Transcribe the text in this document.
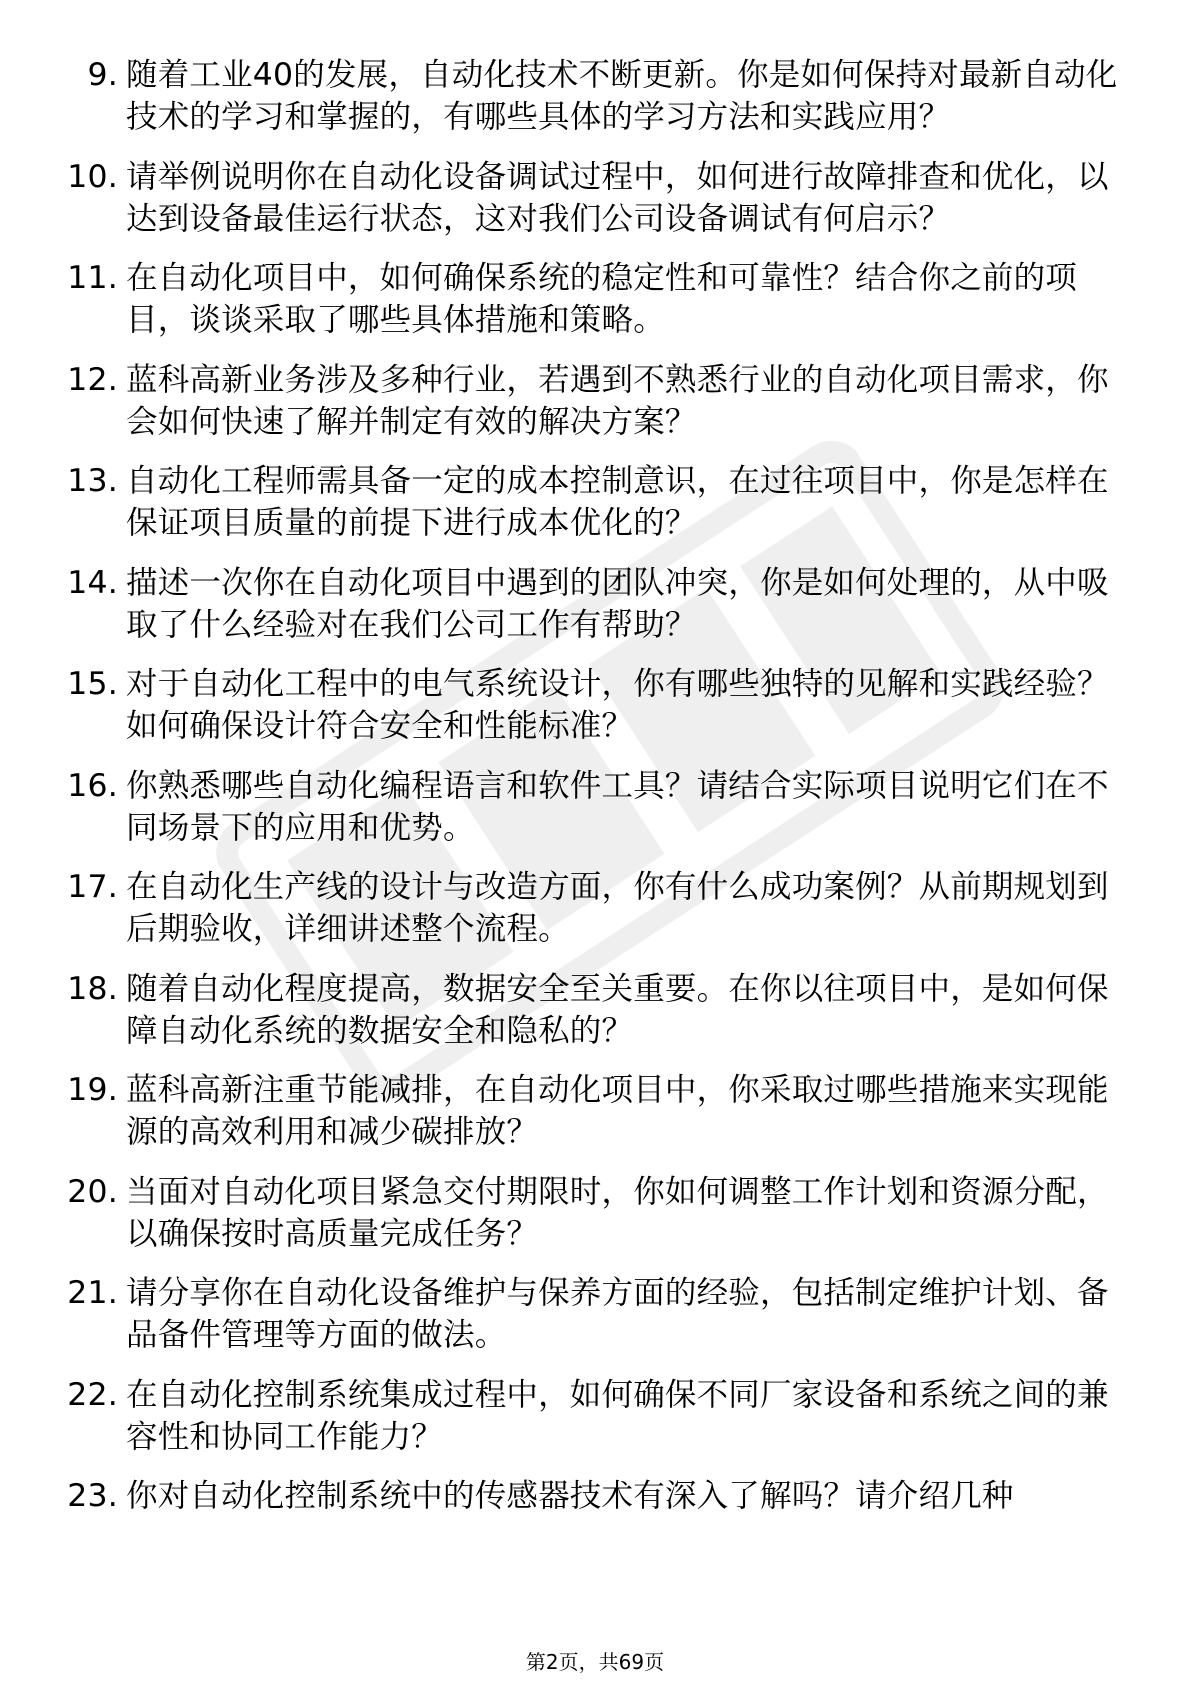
9. 随着工业40的发展，自动化技术不断更新。你是如何保持对最新自动化技术的学习和掌握的，有哪些具体的学习方法和实践应用？
10. 请举例说明你在自动化设备调试过程中，如何进行故障排查和优化，以达到设备最佳运行状态，这对我们公司设备调试有何启示？
11. 在自动化项目中，如何确保系统的稳定性和可靠性？结合你之前的项目，谈谈采取了哪些具体措施和策略。
12. 蓝科高新业务涉及多种行业，若遇到不熟悉行业的自动化项目需求，你会如何快速了解并制定有效的解决方案？
13. 自动化工程师需具备一定的成本控制意识，在过往项目中，你是怎样在保证项目质量的前提下进行成本优化的？
14. 描述一次你在自动化项目中遇到的团队冲突，你是如何处理的，从中吸取了什么经验对在我们公司工作有帮助？
15. 对于自动化工程中的电气系统设计，你有哪些独特的见解和实践经验？如何确保设计符合安全和性能标准？
16. 你熟悉哪些自动化编程语言和软件工具？请结合实际项目说明它们在不同场景下的应用和优势。
17. 在自动化生产线的设计与改造方面，你有什么成功案例？从前期规划到后期验收，详细讲述整个流程。
18. 随着自动化程度提高，数据安全至关重要。在你以往项目中，是如何保障自动化系统的数据安全和隐私的？
19. 蓝科高新注重节能减排，在自动化项目中，你采取过哪些措施来实现能源的高效利用和减少碳排放？
20. 当面对自动化项目紧急交付期限时，你如何调整工作计划和资源分配，以确保按时高质量完成任务？
21. 请分享你在自动化设备维护与保养方面的经验，包括制定维护计划、备品备件管理等方面的做法。
22. 在自动化控制系统集成过程中，如何确保不同厂家设备和系统之间的兼容性和协同工作能力？
23. 你对自动化控制系统中的传感器技术有深入了解吗？请介绍几种
第2页，共69页
